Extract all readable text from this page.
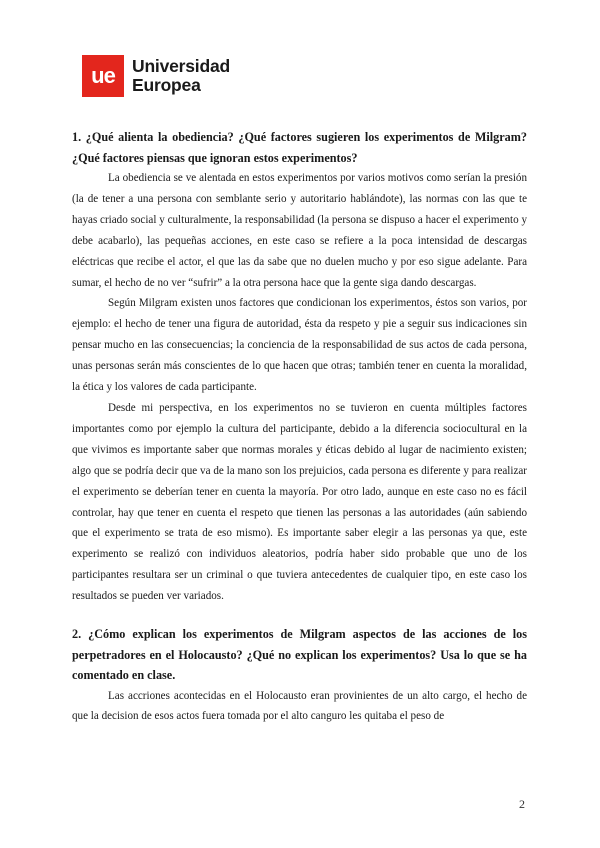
ue Universidad
Europea
1. ¿Qué alienta la obediencia? ¿Qué factores sugieren los experimentos de Milgram? ¿Qué factores piensas que ignoran estos experimentos?

La obediencia se ve alentada en estos experimentos por varios motivos como serían la presión (la de tener a una persona con semblante serio y autoritario hablándote), las normas con las que te hayas criado social y culturalmente, la responsabilidad (la persona se dispuso a hacer el experimento y debe acabarlo), las pequeñas acciones, en este caso se refiere a la poca intensidad de descargas eléctricas que recibe el actor, el que las da sabe que no duelen mucho y por eso sigue adelante. Para sumar, el hecho de no ver “sufrir” a la otra persona hace que la gente siga dando descargas.

Según Milgram existen unos factores que condicionan los experimentos, éstos son varios, por ejemplo: el hecho de tener una figura de autoridad, ésta da respeto y pie a seguir sus indicaciones sin pensar mucho en las consecuencias; la conciencia de la responsabilidad de sus actos de cada persona, unas personas serán más conscientes de lo que hacen que otras; también tener en cuenta la moralidad, la ética y los valores de cada participante.

Desde mi perspectiva, en los experimentos no se tuvieron en cuenta múltiples factores importantes como por ejemplo la cultura del participante, debido a la diferencia sociocultural en la que vivimos es importante saber que normas morales y éticas debido al lugar de nacimiento existen; algo que se podría decir que va de la mano son los prejuicios, cada persona es diferente y para realizar el experimento se deberían tener en cuenta la mayoría. Por otro lado, aunque en este caso no es fácil controlar, hay que tener en cuenta el respeto que tienen las personas a las autoridades (aún sabiendo que el experimento se trata de eso mismo). Es importante saber elegir a las personas ya que, este experimento se realizó con individuos aleatorios, podría haber sido probable que uno de los participantes resultara ser un criminal o que tuviera antecedentes de cualquier tipo, en este caso los resultados se pueden ver variados.

2. ¿Cómo explican los experimentos de Milgram aspectos de las acciones de los perpetradores en el Holocausto? ¿Qué no explican los experimentos? Usa lo que se ha comentado en clase.

Las accriones acontecidas en el Holocausto eran provinientes de un alto cargo, el hecho de que la decision de esos actos fuera tomada por el alto canguro les quitaba el peso de

2
